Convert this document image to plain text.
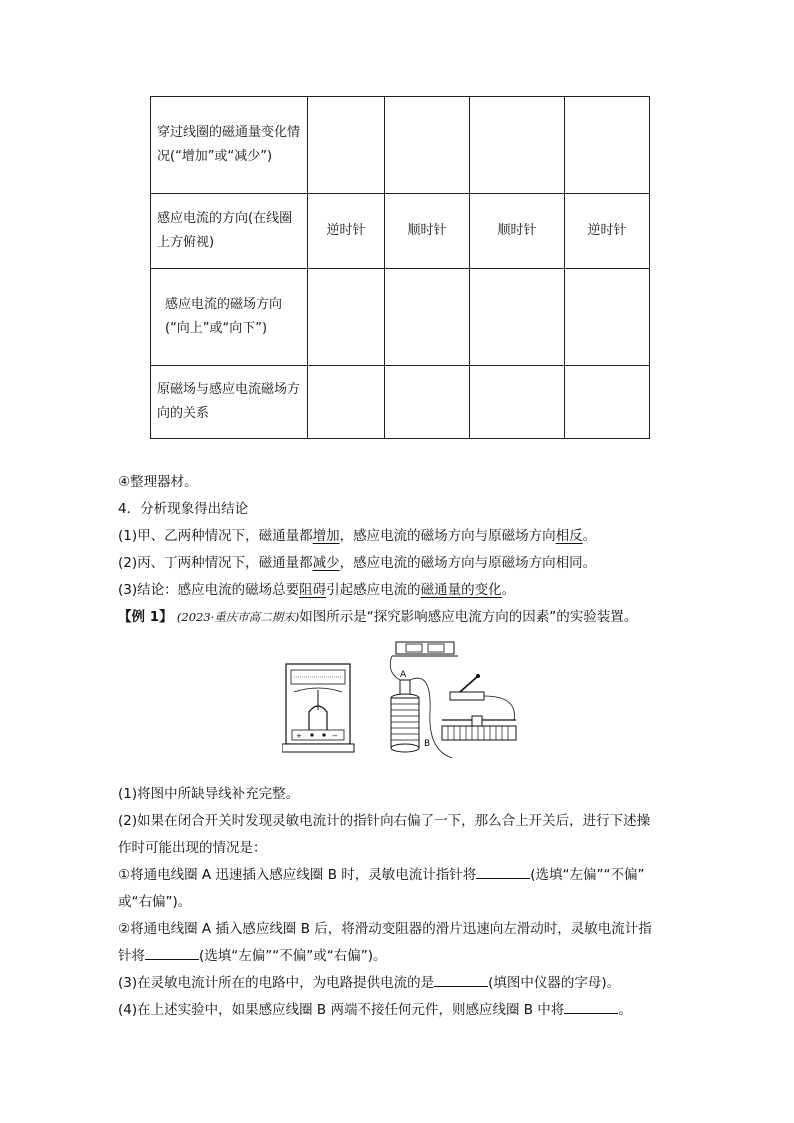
穿过线圈的磁通量变化情况(“增加”或“减少”)				
感应电流的方向(在线圈上方俯视)	逆时针	顺时针	顺时针	逆时针
感应电流的磁场方向(“向上”或“向下”)				
原磁场与感应电流磁场方向的关系				
④整理器材。
4．分析现象得出结论
(1)甲、乙两种情况下，磁通量都增加，感应电流的磁场方向与原磁场方向相反。
(2)丙、丁两种情况下，磁通量都减少，感应电流的磁场方向与原磁场方向相同。
(3)结论：感应电流的磁场总要阻碍引起感应电流的磁通量的变化。
【例 1】 (2023·重庆市高二期末)如图所示是“探究影响感应电流方向的因素”的实验装置。
+	−
A
B
(1)将图中所缺导线补充完整。
(2)如果在闭合开关时发现灵敏电流计的指针向右偏了一下，那么合上开关后，进行下述操
作时可能出现的情况是：
①将通电线圈 A 迅速插入感应线圈 B 时，灵敏电流计指针将	(选填“左偏”“不偏”
或“右偏”)。
②将通电线圈 A 插入感应线圈 B 后，将滑动变阻器的滑片迅速向左滑动时，灵敏电流计指
针将	(选填“左偏”“不偏”或“右偏”)。
(3)在灵敏电流计所在的电路中，为电路提供电流的是	(填图中仪器的字母)。
(4)在上述实验中，如果感应线圈 B 两端不接任何元件，则感应线圈 B 中将	。
